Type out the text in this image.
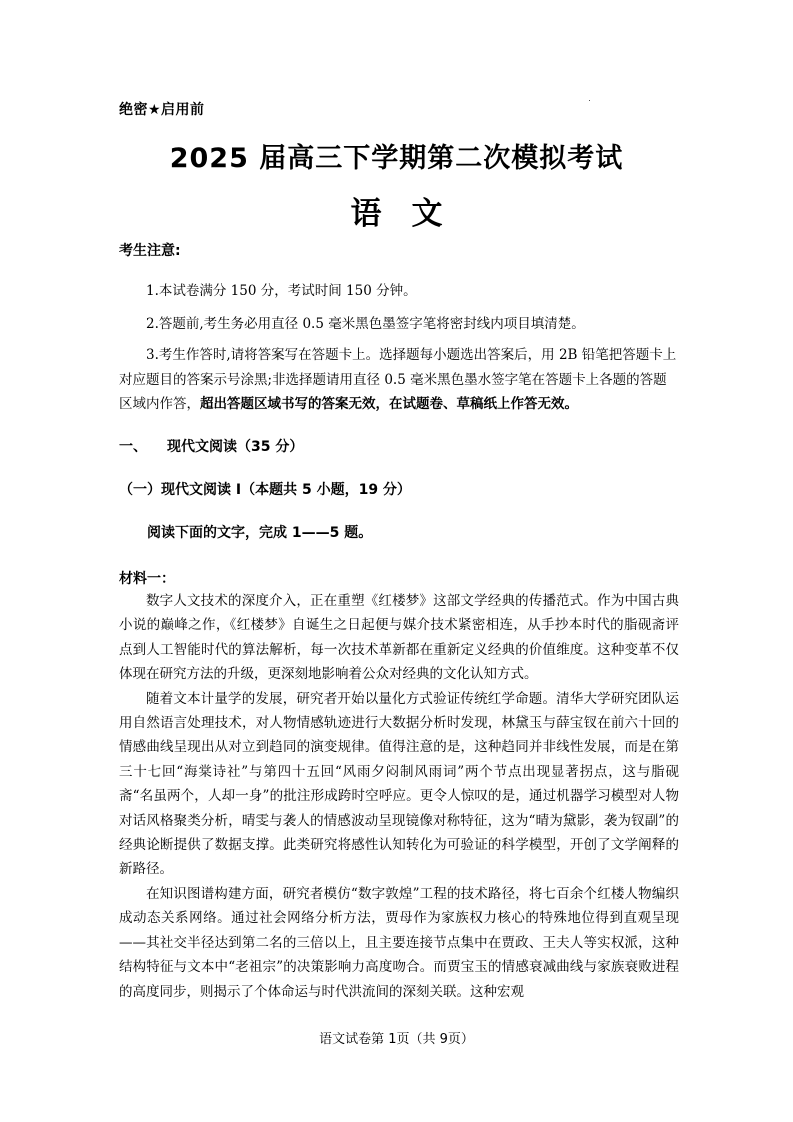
绝密★启用前
2025 届高三下学期第二次模拟考试
语文
考生注意:
1.本试卷满分 150 分，考试时间 150 分钟。
2.答题前,考生务必用直径 0.5 毫米黑色墨签字笔将密封线内项目填清楚。
3.考生作答时,请将答案写在答题卡上。选择题每小题选出答案后，用 2B 铅笔把答题卡上对应题目的答案示号涂黑;非选择题请用直径 0.5 毫米黑色墨水签字笔在答题卡上各题的答题区域内作答，超出答题区域书写的答案无效，在试题卷、草稿纸上作答无效。
一、 现代文阅读（35 分）
（一）现代文阅读 I（本题共 5 小题，19 分）
阅读下面的文字，完成 1——5 题。
材料一：

数字人文技术的深度介入，正在重塑《红楼梦》这部文学经典的传播范式。作为中国古典小说的巅峰之作，《红楼梦》自诞生之日起便与媒介技术紧密相连，从手抄本时代的脂砚斋评点到人工智能时代的算法解析，每一次技术革新都在重新定义经典的价值维度。这种变革不仅体现在研究方法的升级，更深刻地影响着公众对经典的文化认知方式。

随着文本计量学的发展，研究者开始以量化方式验证传统红学命题。清华大学研究团队运用自然语言处理技术，对人物情感轨迹进行大数据分析时发现，林黛玉与薛宝钗在前六十回的情感曲线呈现出从对立到趋同的演变规律。值得注意的是，这种趋同并非线性发展，而是在第三十七回“海棠诗社”与第四十五回“风雨夕闷制风雨词”两个节点出现显著拐点，这与脂砚斋“名虽两个，人却一身”的批注形成跨时空呼应。更令人惊叹的是，通过机器学习模型对人物对话风格聚类分析，晴雯与袭人的情感波动呈现镜像对称特征，这为“晴为黛影，袭为钗副”的经典论断提供了数据支撑。此类研究将感性认知转化为可验证的科学模型，开创了文学阐释的新路径。

在知识图谱构建方面，研究者模仿“数字敦煌”工程的技术路径，将七百余个红楼人物编织成动态关系网络。通过社会网络分析方法，贾母作为家族权力核心的特殊地位得到直观呈现——其社交半径达到第二名的三倍以上，且主要连接节点集中在贾政、王夫人等实权派，这种结构特征与文本中“老祖宗”的决策影响力高度吻合。而贾宝玉的情感衰减曲线与家族衰败进程的高度同步，则揭示了个体命运与时代洪流间的深刻关联。这种宏观

语文试卷第 1页（共 9页）
